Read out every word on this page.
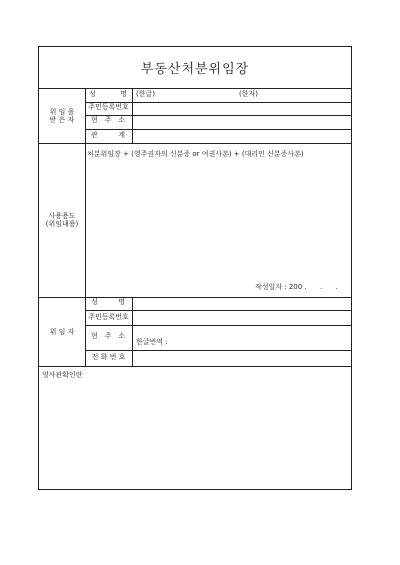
부동산처분위임장
위 임 을
받 은 자
성	명 (한글)	(한자)
주민등록번호
현 주 소
관	계
사용용도
(위임내용)
처분위임장 + (영주권자의 신분증 or 여권사본) + (대리인 신분증사본)
작성일자 : 200 .      .      .
위 임 자
성	명
주민등록번호
현 주 소
한글번역 :
전 화 번 호
영사관확인란
